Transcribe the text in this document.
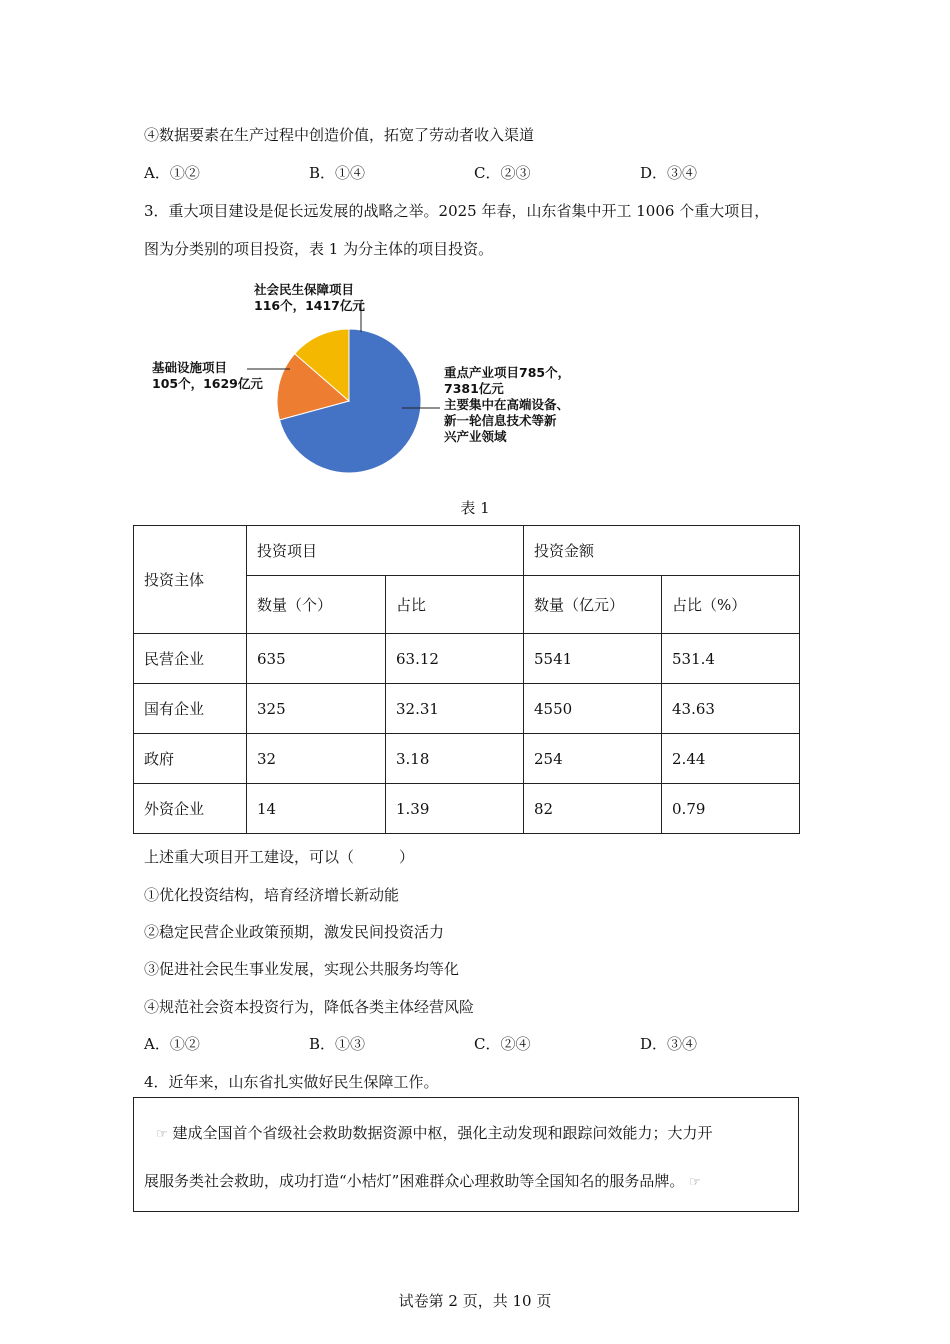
④数据要素在生产过程中创造价值，拓宽了劳动者收入渠道
A．①②	B．①④	C．②③	D．③④
3．重大项目建设是促长远发展的战略之举。2025 年春，山东省集中开工 1006 个重大项目，
图为分类别的项目投资，表 1 为分主体的项目投资。
社会民生保障项目
116个，1417亿元
基础设施项目
105个，1629亿元
重点产业项目785个，
7381亿元
主要集中在高端设备、
新一轮信息技术等新
兴产业领域
表 1
投资主体	投资项目		投资金额	
	数量（个）	占比	数量（亿元）	占比（%）
民营企业	635	63.12	5541	531.4
国有企业	325	32.31	4550	43.63
政府	32	3.18	254	2.44
外资企业	14	1.39	82	0.79
上述重大项目开工建设，可以（　　　）
①优化投资结构，培育经济增长新动能
②稳定民营企业政策预期，激发民间投资活力
③促进社会民生事业发展，实现公共服务均等化
④规范社会资本投资行为，降低各类主体经营风险
A．①②	B．①③	C．②④	D．③④
4．近年来，山东省扎实做好民生保障工作。

☞ 建成全国首个省级社会救助数据资源中枢，强化主动发现和跟踪问效能力；大力开

展服务类社会救助，成功打造“小桔灯”困难群众心理救助等全国知名的服务品牌。 ☞

试卷第 2 页，共 10 页
